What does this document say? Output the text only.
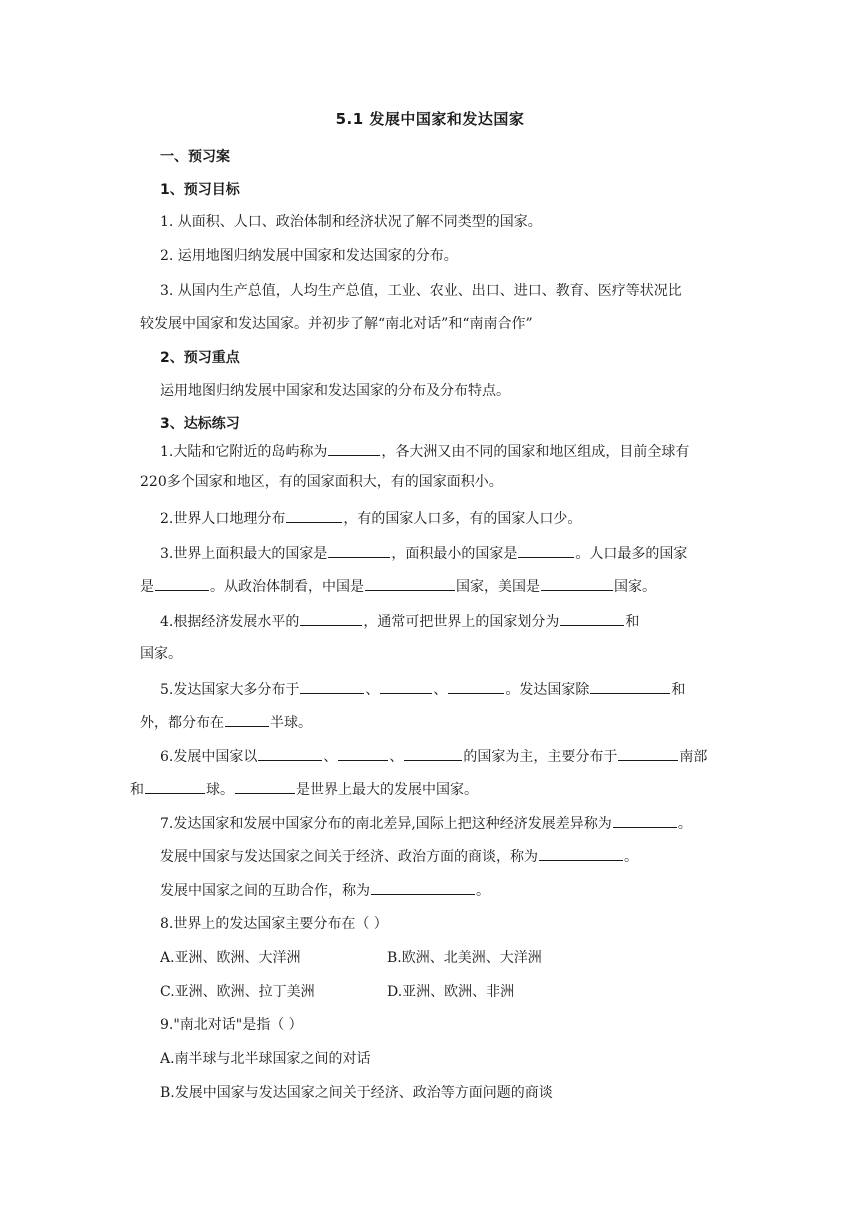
5.1 发展中国家和发达国家
一、预习案
1、预习目标
1. 从面积、人口、政治体制和经济状况了解不同类型的国家。
2. 运用地图归纳发展中国家和发达国家的分布。
3. 从国内生产总值，人均生产总值，工业、农业、出口、进口、教育、医疗等状况比
较发展中国家和发达国家。并初步了解“南北对话”和“南南合作”
2、预习重点
运用地图归纳发展中国家和发达国家的分布及分布特点。
3、达标练习
1.大陆和它附近的岛屿称为	，各大洲又由不同的国家和地区组成，目前全球有
220多个国家和地区，有的国家面积大，有的国家面积小。
2.世界人口地理分布	，有的国家人口多，有的国家人口少。
3.世界上面积最大的国家是	，面积最小的国家是	。人口最多的国家
是	。从政治体制看，中国是	国家，美国是	国家。
4.根据经济发展水平的	，通常可把世界上的国家划分为	和
国家。
5.发达国家大多分布于	、	、	。发达国家除	和
外，都分布在	半球。
6.发展中国家以	、	、	的国家为主，主要分布于	南部
和	球。	是世界上最大的发展中国家。
7.发达国家和发展中国家分布的南北差异,国际上把这种经济发展差异称为	。
发展中国家与发达国家之间关于经济、政治方面的商谈，称为	。
发展中国家之间的互助合作，称为	。
8.世界上的发达国家主要分布在（ ）
A.亚洲、欧洲、大洋洲	B.欧洲、北美洲、大洋洲
C.亚洲、欧洲、拉丁美洲	D.亚洲、欧洲、非洲
9."南北对话"是指（ ）
A.南半球与北半球国家之间的对话
B.发展中国家与发达国家之间关于经济、政治等方面问题的商谈
